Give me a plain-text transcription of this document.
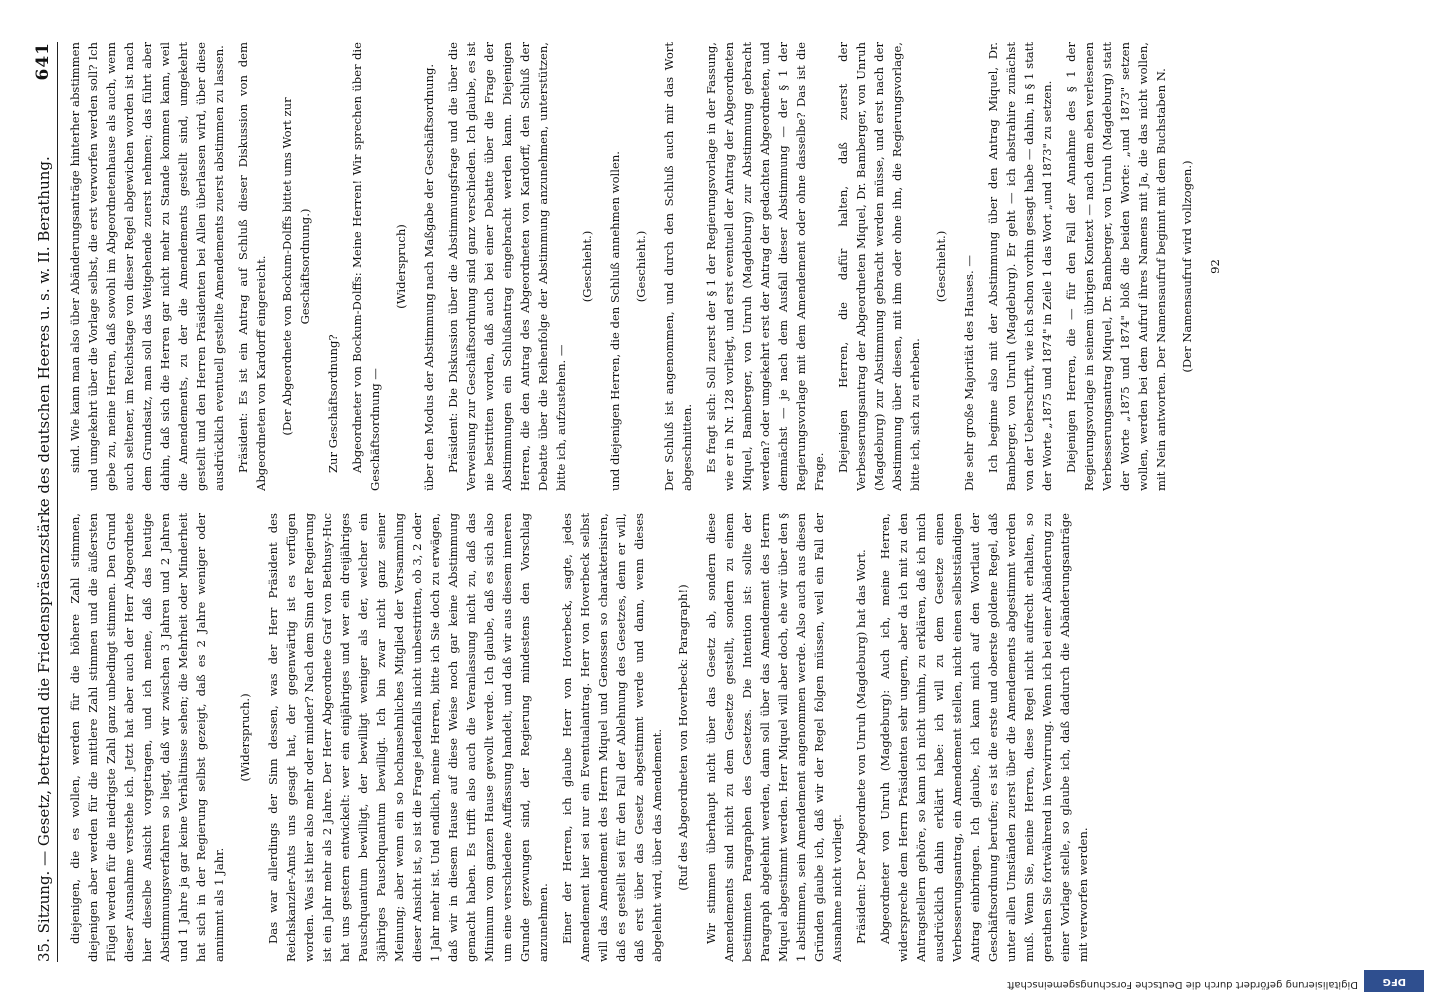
35. Sitzung. — Gesetz, betreffend die Friedenspräsenzstärke des deutschen Heeres u. s. w. II. Berathung.
641

diejenigen, die es wollen, werden für die höhere Zahl stimmen, diejenigen aber werden für die mittlere Zahl stimmen und die äußersten Flügel werden für die niedrigste Zahl ganz unbedingt stimmen. Den Grund dieser Ausnahme verstehe ich. Jetzt hat aber auch der Herr Abgeordnete hier dieselbe Ansicht vorgetragen, und ich meine, daß das heutige Abstimmungsverfahren so liegt, daß wir zwischen 3 Jahren und 2 Jahren und 1 Jahre ja gar keine Verhältnisse sehen; die Mehrheit oder Minderheit hat sich in der Regierung selbst gezeigt, daß es 2 Jahre weniger oder annimmt als 1 Jahr.

(Widerspruch.) Das war allerdings der Sinn dessen, was der Herr Präsident des Reichskanzler-Amts uns gesagt hat, der gegenwärtig ist es verfügen worden. Was ist hier also mehr oder minder? Nach dem Sinn der Regierung ist ein Jahr mehr als 2 Jahre. Der Herr Abgeordnete Graf von Bethusy-Huc hat uns gestern entwickelt: wer ein einjähriges und wer ein dreijähriges Pauschquantum bewilligt, der bewilligt weniger als der, welcher ein 3jähriges Pauschquantum bewilligt. Ich bin zwar nicht ganz seiner Meinung; aber wenn ein so hochansehnliches Mitglied der Versammlung dieser Ansicht ist, so ist die Frage jedenfalls nicht unbestritten, ob 3, 2 oder 1 Jahr mehr ist. Und endlich, meine Herren, bitte ich Sie doch zu erwägen, daß wir in diesem Hause auf diese Weise noch gar keine Abstimmung gemacht haben. Es trifft also auch die Veranlassung nicht zu, daß das Minimum vom ganzen Hause gewollt werde. Ich glaube, daß es sich also um eine verschiedene Auffassung handelt, und daß wir aus diesem inneren Grunde gezwungen sind, der Regierung mindestens den Vorschlag anzunehmen. Einer der Herren, ich glaube Herr von Hoverbeck, sagte, jedes Amendement hier sei nur ein Eventualantrag. Herr von Hoverbeck selbst will das Amendement des Herrn Miquel und Genossen so charakterisiren, daß es gestellt sei für den Fall der Ablehnung des Gesetzes, denn er will, daß erst über das Gesetz abgestimmt werde und dann, wenn dieses abgelehnt wird, über das Amendement. (Ruf des Abgeordneten von Hoverbeck: Paragraph!) Wir stimmen überhaupt nicht über das Gesetz ab, sondern diese Amendements sind nicht zu dem Gesetze gestellt, sondern zu einem bestimmten Paragraphen des Gesetzes. Die Intention ist: sollte der Paragraph abgelehnt werden, dann soll über das Amendement des Herrn Miquel abgestimmt werden. Herr Miquel will aber doch, ehe wir über den § 1 abstimmen, sein Amendement angenommen werde. Also auch aus diesen Gründen glaube ich, daß wir der Regel folgen müssen, weil ein Fall der Ausnahme nicht vorliegt. Präsident: Der Abgeordnete von Unruh (Magdeburg) hat das Wort. Abgeordneter von Unruh (Magdeburg): Auch ich, meine Herren, widerspreche dem Herrn Präsidenten sehr ungern, aber da ich mit zu den Antragstellern gehöre, so kann ich nicht umhin, zu erklären, daß ich mich ausdrücklich dahin erklärt habe: ich will zu dem Gesetze einen Verbesserungsantrag, ein Amendement stellen, nicht einen selbstständigen Antrag einbringen. Ich glaube, ich kann mich auf den Wortlaut der Geschäftsordnung berufen; es ist die erste und oberste goldene Regel, daß unter allen Umständen zuerst über die Amendements abgestimmt werden muß. Wenn Sie, meine Herren, diese Regel nicht aufrecht erhalten, so gerathen Sie fortwährend in Verwirrung. Wenn ich bei einer Abänderung zu einer Vorlage stelle, so glaube ich, daß dadurch die Abänderungsanträge mit verworfen werden.

sind. Wie kann man also über Abänderungsanträge hinterher abstimmen und umgekehrt über die Vorlage selbst, die erst verworfen werden soll? Ich gebe zu, meine Herren, daß sowohl im Abgeordnetenhause als auch, wenn auch seltener, im Reichstage von dieser Regel abgewichen worden ist nach dem Grundsatz, man soll das Weitgehende zuerst nehmen; das führt aber dahin, daß sich die Herren gar nicht mehr zu Stande kommen kann, weil die Amendements, zu der die Amendements gestellt sind, umgekehrt gestellt und den Herren Präsidenten bei Allen überlassen wird, über diese ausdrücklich eventuell gestellte Amendements zuerst abstimmen zu lassen. Präsident: Es ist ein Antrag auf Schluß dieser Diskussion von dem Abgeordneten von Kardorff eingereicht. (Der Abgeordnete von Bockum-Dolffs bittet ums Wort zur Geschäftsordnung.)

Zur Geschäftsordnung? Abgeordneter von Bockum-Dolffs: Meine Herren! Wir sprechen über die Geschäftsordnung —

(Widerspruch) über den Modus der Abstimmung nach Maßgabe der Geschäftsordnung. Präsident: Die Diskussion über die Abstimmungsfrage und die über die Verweisung zur Geschäftsordnung sind ganz verschieden. Ich glaube, es ist nie bestritten worden, daß auch bei einer Debatte über die Frage der Abstimmungen ein Schlußantrag eingebracht werden kann. Diejenigen Herren, die den Antrag des Abgeordneten von Kardorff, den Schluß der Debatte über die Reihenfolge der Abstimmung anzunehmen, unterstützen, bitte ich, aufzustehen. —

(Geschieht.) und diejenigen Herren, die den Schluß annehmen wollen. (Geschieht.) Der Schluß ist angenommen, und durch den Schluß auch mir das Wort abgeschnitten. Es fragt sich: Soll zuerst der § 1 der Regierungsvorlage in der Fassung, wie er in Nr. 128 vorliegt, und erst eventuell der Antrag der Abgeordneten Miquel, Bamberger, von Unruh (Magdeburg) zur Abstimmung gebracht werden? oder umgekehrt erst der Antrag der gedachten Abgeordneten, und demnächst — je nach dem Ausfall dieser Abstimmung — der § 1 der Regierungsvorlage mit dem Amendement oder ohne dasselbe? Das ist die Frage. Diejenigen Herren, die dafür halten, daß zuerst der Verbesserungsantrag der Abgeordneten Miquel, Dr. Bamberger, von Unruh (Magdeburg) zur Abstimmung gebracht werden müsse, und erst nach der Abstimmung über diesen, mit ihm oder ohne ihn, die Regierungsvorlage, bitte ich, sich zu erheben.

(Geschieht.) Die sehr große Majorität des Hauses. — Ich beginne also mit der Abstimmung über den Antrag Miquel, Dr. Bamberger, von Unruh (Magdeburg). Er geht — ich abstrahire zunächst von der Ueberschrift, wie ich schon vorhin gesagt habe — dahin, in § 1 statt der Worte „1875 und 1874" in Zeile 1 das Wort „und 1873" zu setzen. Diejenigen Herren, die — für den Fall der Annahme des § 1 der Regierungsvorlage in seinem übrigen Kontext — nach dem eben verlesenen Verbesserungsantrag Miquel, Dr. Bamberger, von Unruh (Magdeburg) statt der Worte „1875 und 1874" bloß die beiden Worte: „und 1873" setzen wollen, werden bei dem Aufruf ihres Namens mit Ja, die das nicht wollen, mit Nein antworten. Der Namensaufruf beginnt mit dem Buchstaben N. (Der Namensaufruf wird vollzogen.) 92

Digitalisierung gefördert durch die Deutsche Forschungsgemeinschaft	DFG
